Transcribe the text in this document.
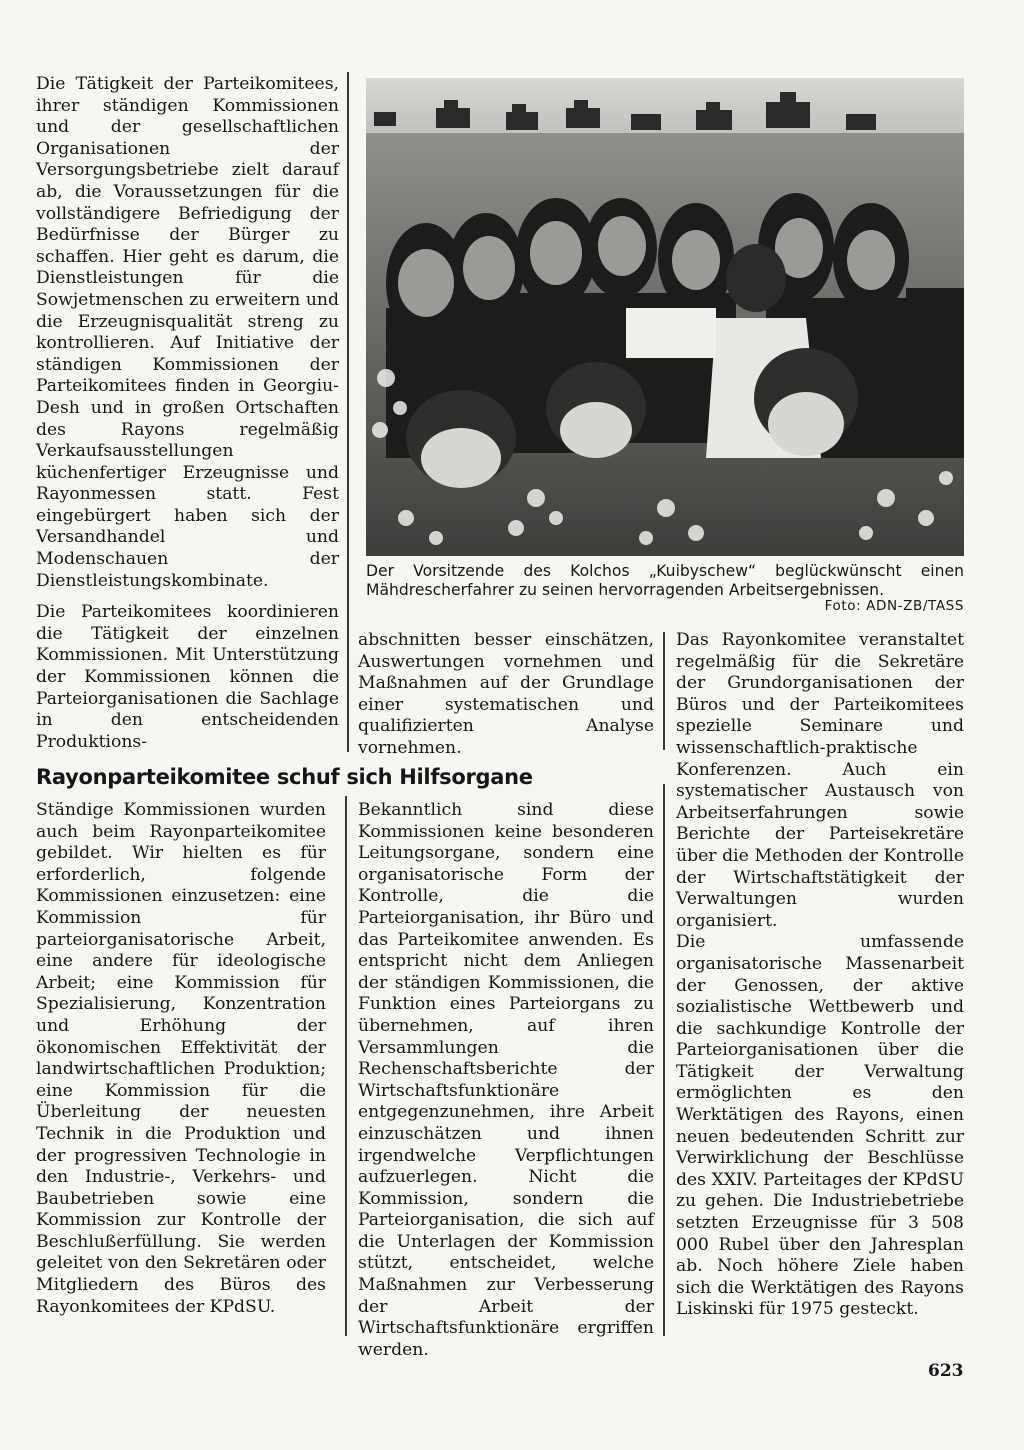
Die Tätigkeit der Parteikomitees, ihrer ständigen Kommissionen und der gesellschaftlichen Organisationen der Versorgungsbetriebe zielt darauf ab, die Voraussetzungen für die vollständigere Befriedigung der Bedürfnisse der Bürger zu schaffen. Hier geht es darum, die Dienstleistungen für die Sowjetmenschen zu erweitern und die Erzeugnisqualität streng zu kontrollieren. Auf Initiative der ständigen Kommissionen der Parteikomitees finden in Georgiu-Desh und in großen Ortschaften des Rayons regelmäßig Verkaufsausstellungen küchenfertiger Erzeugnisse und Rayonmessen statt. Fest eingebürgert haben sich der Versandhandel und Modenschauen der Dienstleistungskombinate.

Die Parteikomitees koordinieren die Tätigkeit der einzelnen Kommissionen. Mit Unterstützung der Kommissionen können die Parteiorganisationen die Sachlage in den entscheidenden Produktions-

Der Vorsitzende des Kolchos „Kuibyschew“ beglückwünscht einen Mähdrescherfahrer zu seinen hervorragenden Arbeitsergebnissen.

Foto: ADN-ZB/TASS

abschnitten besser einschätzen, Auswertungen vornehmen und Maßnahmen auf der Grundlage einer systematischen und qualifizierten Analyse vornehmen.

Das Rayonkomitee veranstaltet regelmäßig für die Sekretäre der Grundorganisationen der Büros und der Parteikomitees spezielle Seminare und wissenschaftlich-praktische Konferenzen. Auch ein systematischer Austausch von Arbeitserfahrungen sowie Berichte der Parteisekretäre über die Methoden der Kontrolle der Wirtschaftstätigkeit der Verwaltungen wurden organisiert.

Die umfassende organisatorische Massenarbeit der Genossen, der aktive sozialistische Wettbewerb und die sachkundige Kontrolle der Parteiorganisationen über die Tätigkeit der Verwaltung ermöglichten es den Werktätigen des Rayons, einen neuen bedeutenden Schritt zur Verwirklichung der Beschlüsse des XXIV. Parteitages der KPdSU zu gehen. Die Industriebetriebe setzten Erzeugnisse für 3 508 000 Rubel über den Jahresplan ab. Noch höhere Ziele haben sich die Werktätigen des Rayons Liskinski für 1975 gesteckt.

Rayonparteikomitee schuf sich Hilfsorgane

Ständige Kommissionen wurden auch beim Rayonparteikomitee gebildet. Wir hielten es für erforderlich, folgende Kommissionen einzusetzen: eine Kommission für parteiorganisatorische Arbeit, eine andere für ideologische Arbeit; eine Kommission für Spezialisierung, Konzentration und Erhöhung der ökonomischen Effektivität der landwirtschaftlichen Produktion; eine Kommission für die Überleitung der neuesten Technik in die Produktion und der progressiven Technologie in den Industrie-, Verkehrs- und Baubetrieben sowie eine Kommission zur Kontrolle der Beschlußerfüllung. Sie werden geleitet von den Sekretären oder Mitgliedern des Büros des Rayonkomitees der KPdSU.

Bekanntlich sind diese Kommissionen keine besonderen Leitungsorgane, sondern eine organisatorische Form der Kontrolle, die die Parteiorganisation, ihr Büro und das Parteikomitee anwenden. Es entspricht nicht dem Anliegen der ständigen Kommissionen, die Funktion eines Parteiorgans zu übernehmen, auf ihren Versammlungen die Rechenschaftsberichte der Wirtschaftsfunktionäre entgegenzunehmen, ihre Arbeit einzuschätzen und ihnen irgendwelche Verpflichtungen aufzuerlegen. Nicht die Kommission, sondern die Parteiorganisation, die sich auf die Unterlagen der Kommission stützt, entscheidet, welche Maßnahmen zur Verbesserung der Arbeit der Wirtschaftsfunktionäre ergriffen werden.

623
